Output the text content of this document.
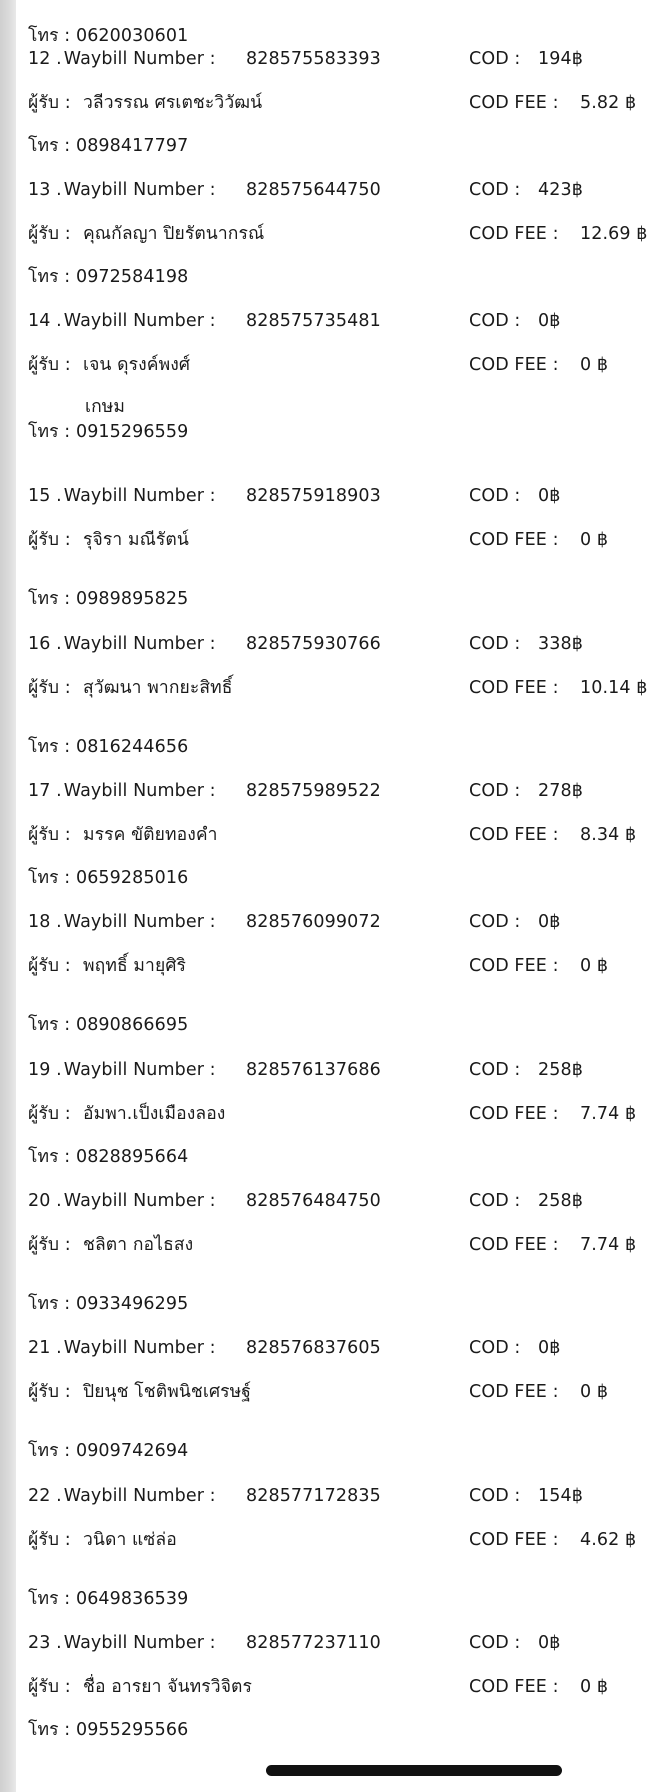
โทร : 0620030601
12 . Waybill Number : 828575583393	COD : 194฿
ผู้รับ : วลีวรรณ ศรเตชะวิวัฒน์	COD FEE : 5.82 ฿
โทร : 0898417797
13 . Waybill Number : 828575644750	COD : 423฿
ผู้รับ : คุณกัลญา ปิยรัตนากรณ์	COD FEE : 12.69 ฿
โทร : 0972584198
14 . Waybill Number : 828575735481	COD : 0฿
ผู้รับ : เจน ดุรงค์พงศ์	COD FEE : 0 ฿
เกษม
โทร : 0915296559
15 . Waybill Number : 828575918903	COD : 0฿
ผู้รับ : รุจิรา มณีรัตน์	COD FEE : 0 ฿
โทร : 0989895825
16 . Waybill Number : 828575930766	COD : 338฿
ผู้รับ : สุวัฒนา พากยะสิทธิ์	COD FEE : 10.14 ฿
โทร : 0816244656
17 . Waybill Number : 828575989522	COD : 278฿
ผู้รับ : มรรค ขัติยทองคำ	COD FEE : 8.34 ฿
โทร : 0659285016
18 . Waybill Number : 828576099072	COD : 0฿
ผู้รับ : พฤทธิ์ มายุศิริ	COD FEE : 0 ฿
โทร : 0890866695
19 . Waybill Number : 828576137686	COD : 258฿
ผู้รับ : อัมพา.เป็งเมืองลอง	COD FEE : 7.74 ฿
โทร : 0828895664
20 . Waybill Number : 828576484750	COD : 258฿
ผู้รับ : ชลิตา กอไธสง	COD FEE : 7.74 ฿
โทร : 0933496295
21 . Waybill Number : 828576837605	COD : 0฿
ผู้รับ : ปิยนุช โชติพนิชเศรษฐ์	COD FEE : 0 ฿
โทร : 0909742694
22 . Waybill Number : 828577172835	COD : 154฿
ผู้รับ : วนิดา แซ่ล่อ	COD FEE : 4.62 ฿
โทร : 0649836539
23 . Waybill Number : 828577237110	COD : 0฿
ผู้รับ : ชื่อ อารยา จันทรวิจิตร	COD FEE : 0 ฿
โทร : 0955295566
